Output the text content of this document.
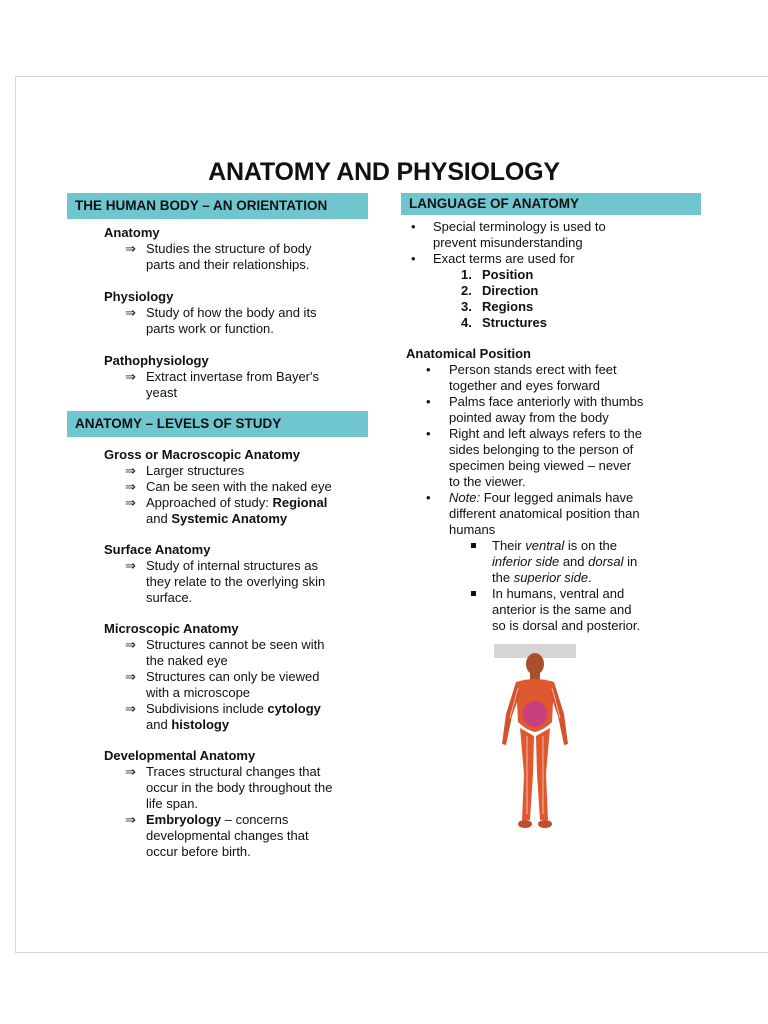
ANATOMY AND PHYSIOLOGY
THE HUMAN BODY – AN ORIENTATION
Anatomy
⇒ Studies the structure of body
parts and their relationships.
Physiology
⇒ Study of how the body and its
parts work or function.
Pathophysiology
⇒ Extract invertase from Bayer's
yeast
ANATOMY – LEVELS OF STUDY
Gross or Macroscopic Anatomy
⇒ Larger structures
⇒ Can be seen with the naked eye
⇒ Approached of study: Regional
and Systemic Anatomy
Surface Anatomy
⇒ Study of internal structures as
they relate to the overlying skin
surface.
Microscopic Anatomy
⇒ Structures cannot be seen with
the naked eye
⇒ Structures can only be viewed
with a microscope
⇒ Subdivisions include cytology
and histology
Developmental Anatomy
⇒ Traces structural changes that
occur in the body throughout the
life span.
⇒ Embryology – concerns
developmental changes that
occur before birth.
LANGUAGE OF ANATOMY
• Special terminology is used to
prevent misunderstanding
• Exact terms are used for
1. Position
2. Direction
3. Regions
4. Structures
Anatomical Position
• Person stands erect with feet
together and eyes forward
• Palms face anteriorly with thumbs
pointed away from the body
• Right and left always refers to the
sides belonging to the person of
specimen being viewed – never
to the viewer.
• Note: Four legged animals have
different anatomical position than
humans
Their ventral is on the
inferior side and dorsal in
the superior side.
In humans, ventral and
anterior is the same and
so is dorsal and posterior.
